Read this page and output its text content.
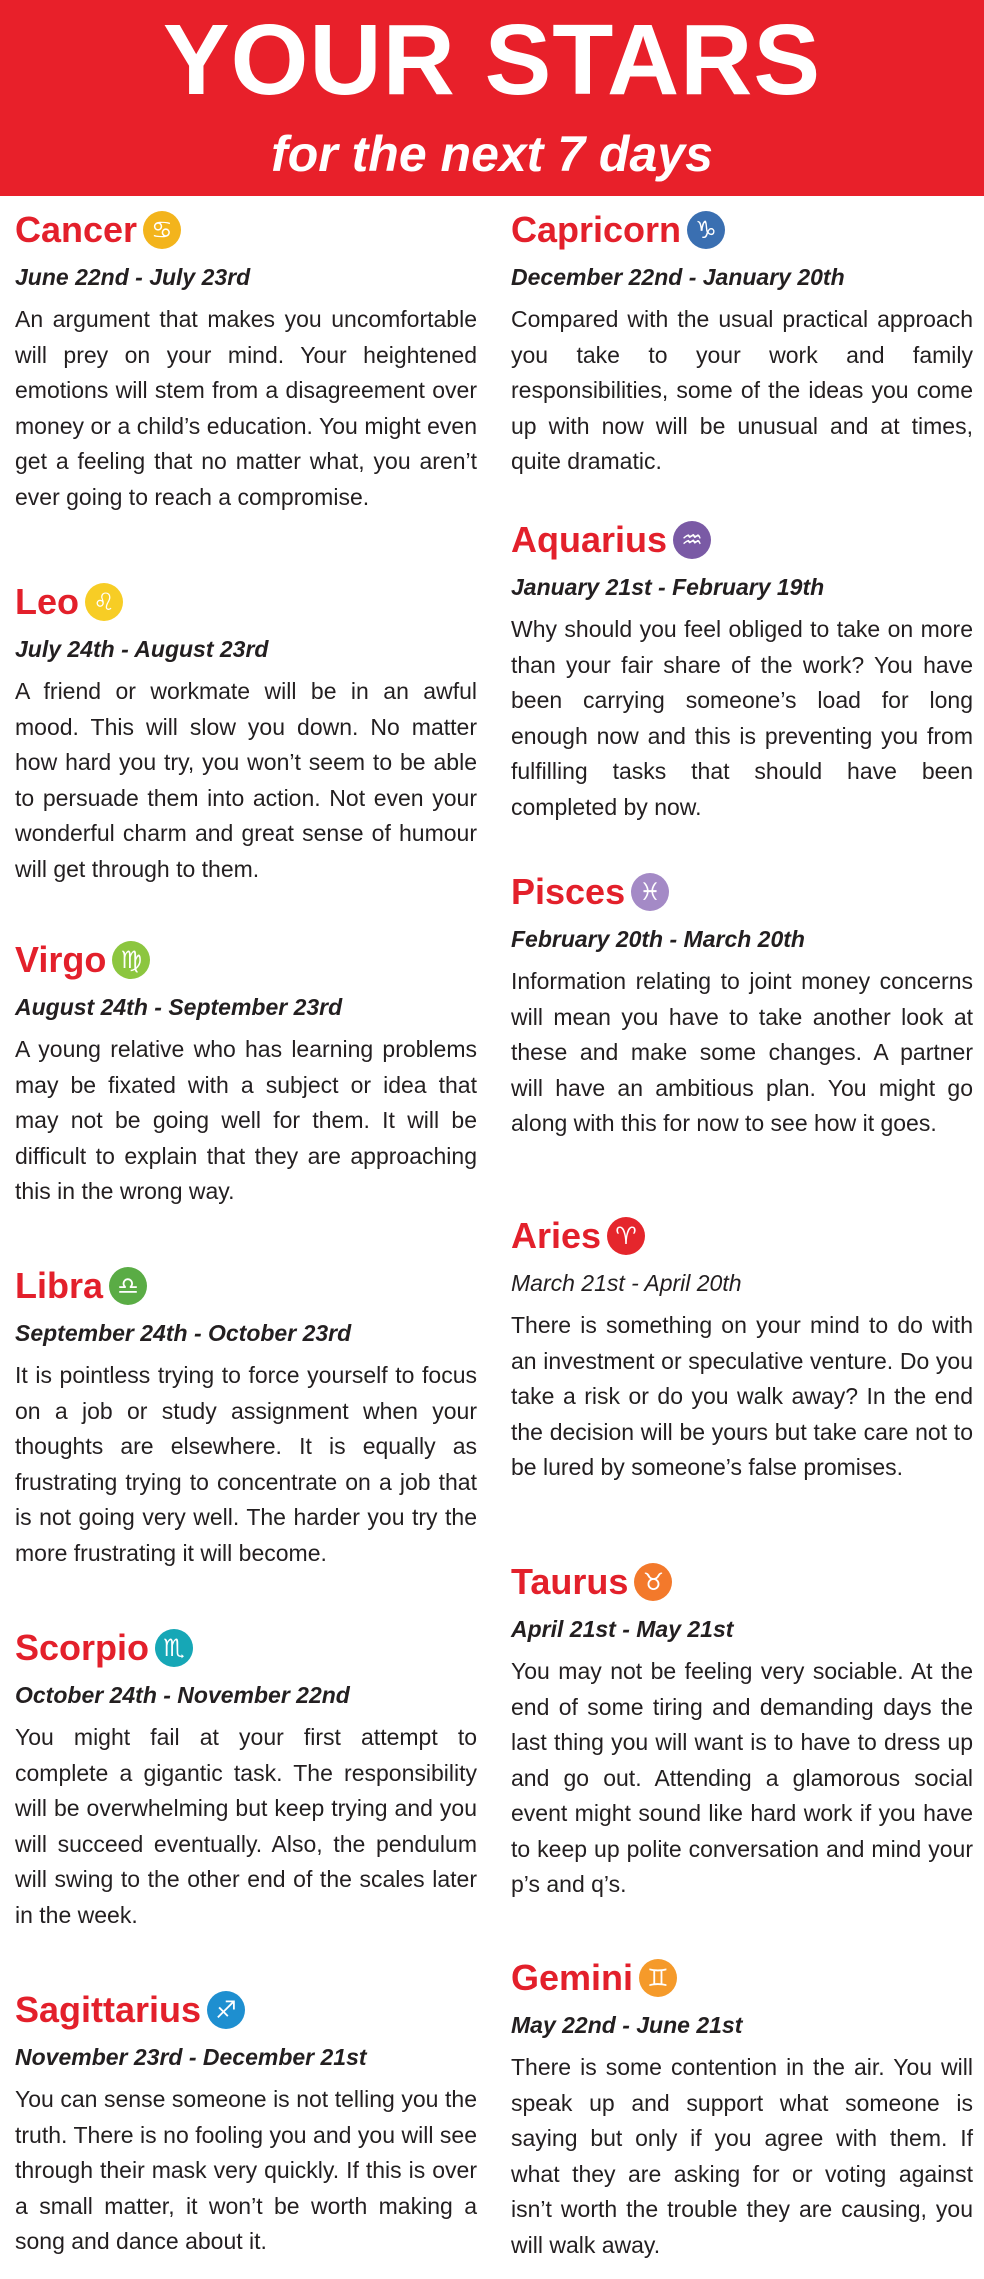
YOUR STARS
for the next 7 days
Cancer ♋
June 22nd - July 23rd
An argument that makes you uncomfortable will prey on your mind. Your heightened emotions will stem from a disagreement over money or a child’s education. You might even get a feeling that no matter what, you aren’t ever going to reach a compromise.
Leo ♌
July 24th - August 23rd
A friend or workmate will be in an awful mood. This will slow you down. No matter how hard you try, you won’t seem to be able to persuade them into action. Not even your wonderful charm and great sense of humour will get through to them.
Virgo ♍
August 24th - September 23rd
A young relative who has learning problems may be fixated with a subject or idea that may not be going well for them. It will be difficult to explain that they are approaching this in the wrong way.
Libra ♎
September 24th - October 23rd
It is pointless trying to force yourself to focus on a job or study assignment when your thoughts are elsewhere. It is equally as frustrating trying to concentrate on a job that is not going very well. The harder you try the more frustrating it will become.
Scorpio ♏
October 24th - November 22nd
You might fail at your first attempt to complete a gigantic task. The responsibility will be overwhelming but keep trying and you will succeed eventually. Also, the pendulum will swing to the other end of the scales later in the week.
Sagittarius ♐
November 23rd - December 21st
You can sense someone is not telling you the truth. There is no fooling you and you will see through their mask very quickly. If this is over a small matter, it won’t be worth making a song and dance about it.
Capricorn ♑
December 22nd - January 20th
Compared with the usual practical approach you take to your work and family responsibilities, some of the ideas you come up with now will be unusual and at times, quite dramatic.
Aquarius ♒
January 21st - February 19th
Why should you feel obliged to take on more than your fair share of the work? You have been carrying someone’s load for long enough now and this is preventing you from fulfilling tasks that should have been completed by now.
Pisces ♓
February 20th - March 20th
Information relating to joint money concerns will mean you have to take another look at these and make some changes. A partner will have an ambitious plan. You might go along with this for now to see how it goes.
Aries ♈
March 21st - April 20th
There is something on your mind to do with an investment or speculative venture. Do you take a risk or do you walk away? In the end the decision will be yours but take care not to be lured by someone’s false promises.
Taurus ♉
April 21st - May 21st
You may not be feeling very sociable. At the end of some tiring and demanding days the last thing you will want is to have to dress up and go out. Attending a glamorous social event might sound like hard work if you have to keep up polite conversation and mind your p’s and q’s.
Gemini ♊
May 22nd - June 21st
There is some contention in the air. You will speak up and support what someone is saying but only if you agree with them. If what they are asking for or voting against isn’t worth the trouble they are causing, you will walk away.
